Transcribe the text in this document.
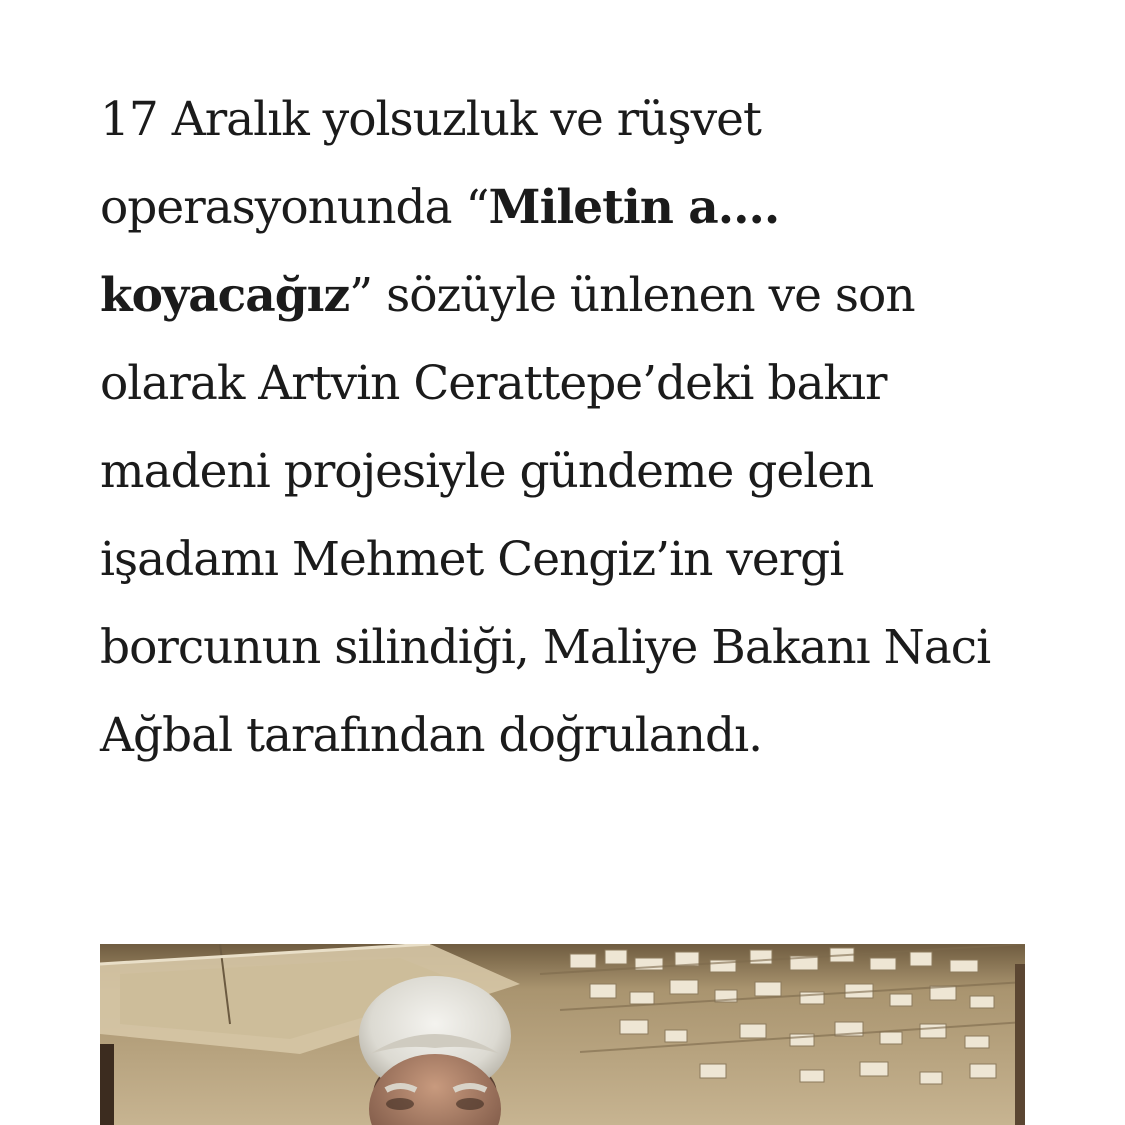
17 Aralık yolsuzluk ve rüşvet operasyonunda “Miletin a.... koyacağız” sözüyle ünlenen ve son olarak Artvin Cerattepe’deki bakır madeni projesiyle gündeme gelen işadamı Mehmet Cengiz’in vergi borcunun silindiği, Maliye Bakanı Naci Ağbal tarafından doğrulandı.
